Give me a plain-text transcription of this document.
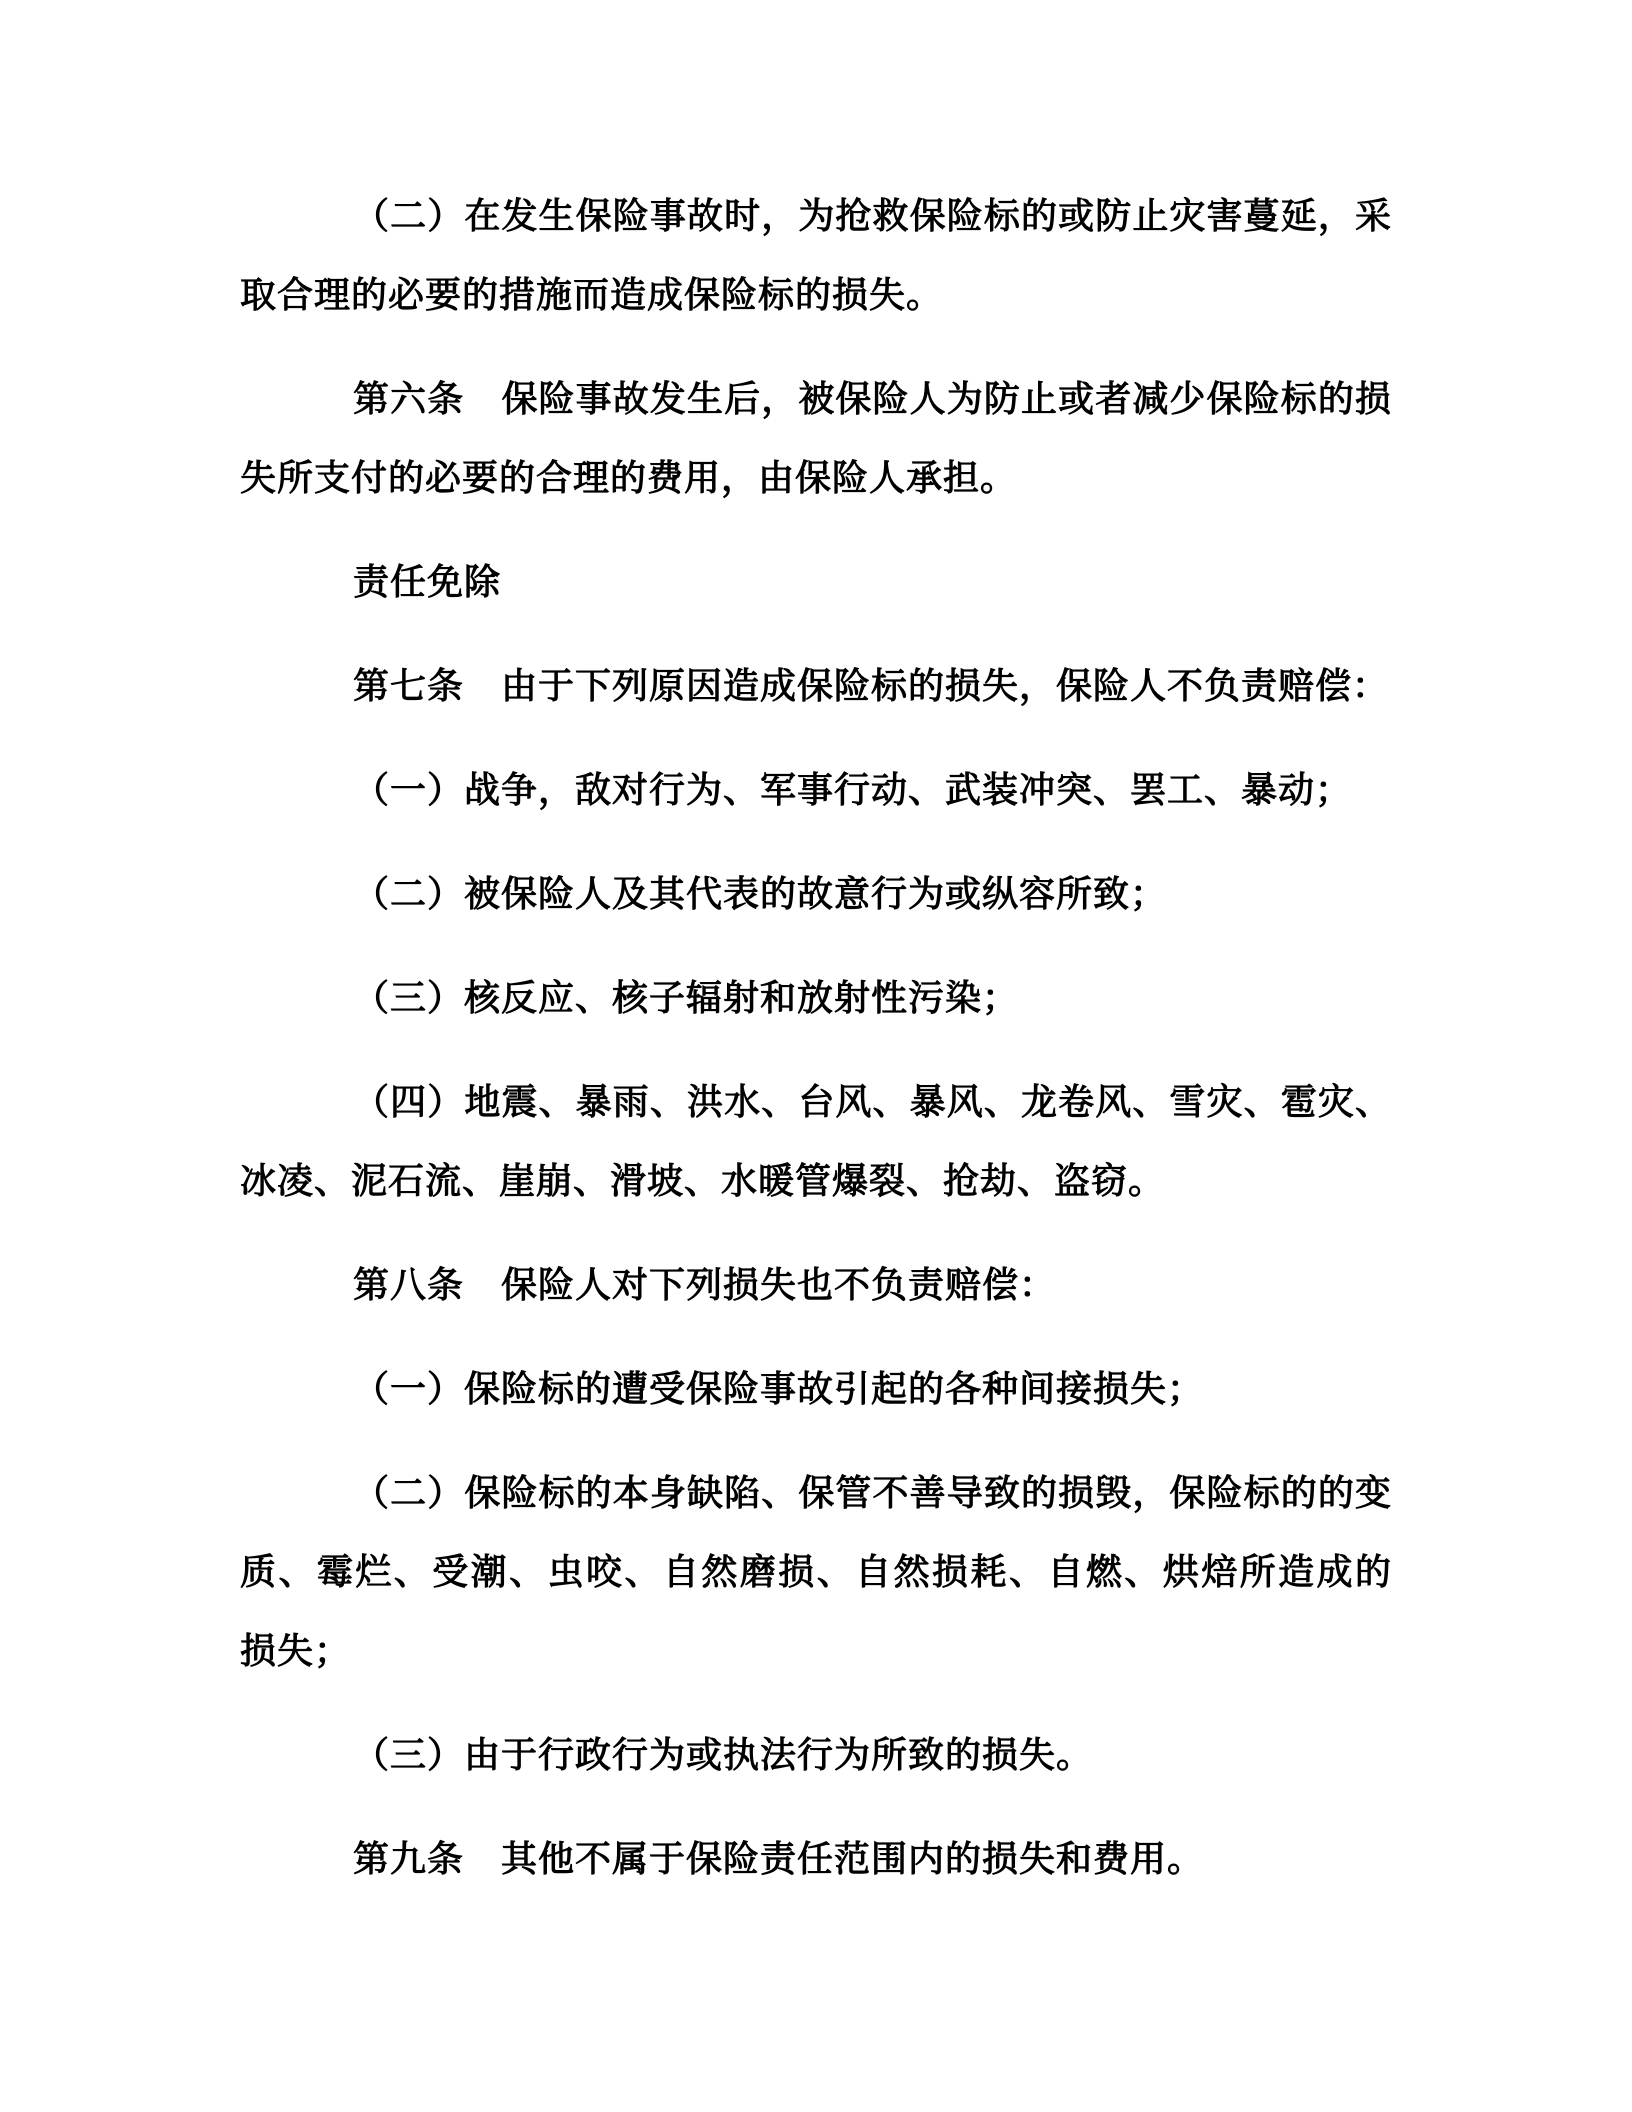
（二）在发生保险事故时，为抢救保险标的或防止灾害蔓延，采
取合理的必要的措施而造成保险标的损失。
第六条　保险事故发生后，被保险人为防止或者减少保险标的损
失所支付的必要的合理的费用，由保险人承担。
责任免除
第七条　由于下列原因造成保险标的损失，保险人不负责赔偿：
（一）战争，敌对行为、军事行动、武装冲突、罢工、暴动；
（二）被保险人及其代表的故意行为或纵容所致；
（三）核反应、核子辐射和放射性污染；
（四）地震、暴雨、洪水、台风、暴风、龙卷风、雪灾、雹灾、
冰凌、泥石流、崖崩、滑坡、水暖管爆裂、抢劫、盗窃。
第八条　保险人对下列损失也不负责赔偿：
（一）保险标的遭受保险事故引起的各种间接损失；
（二）保险标的本身缺陷、保管不善导致的损毁，保险标的的变
质、霉烂、受潮、虫咬、自然磨损、自然损耗、自燃、烘焙所造成的
损失；
（三）由于行政行为或执法行为所致的损失。
第九条　其他不属于保险责任范围内的损失和费用。
